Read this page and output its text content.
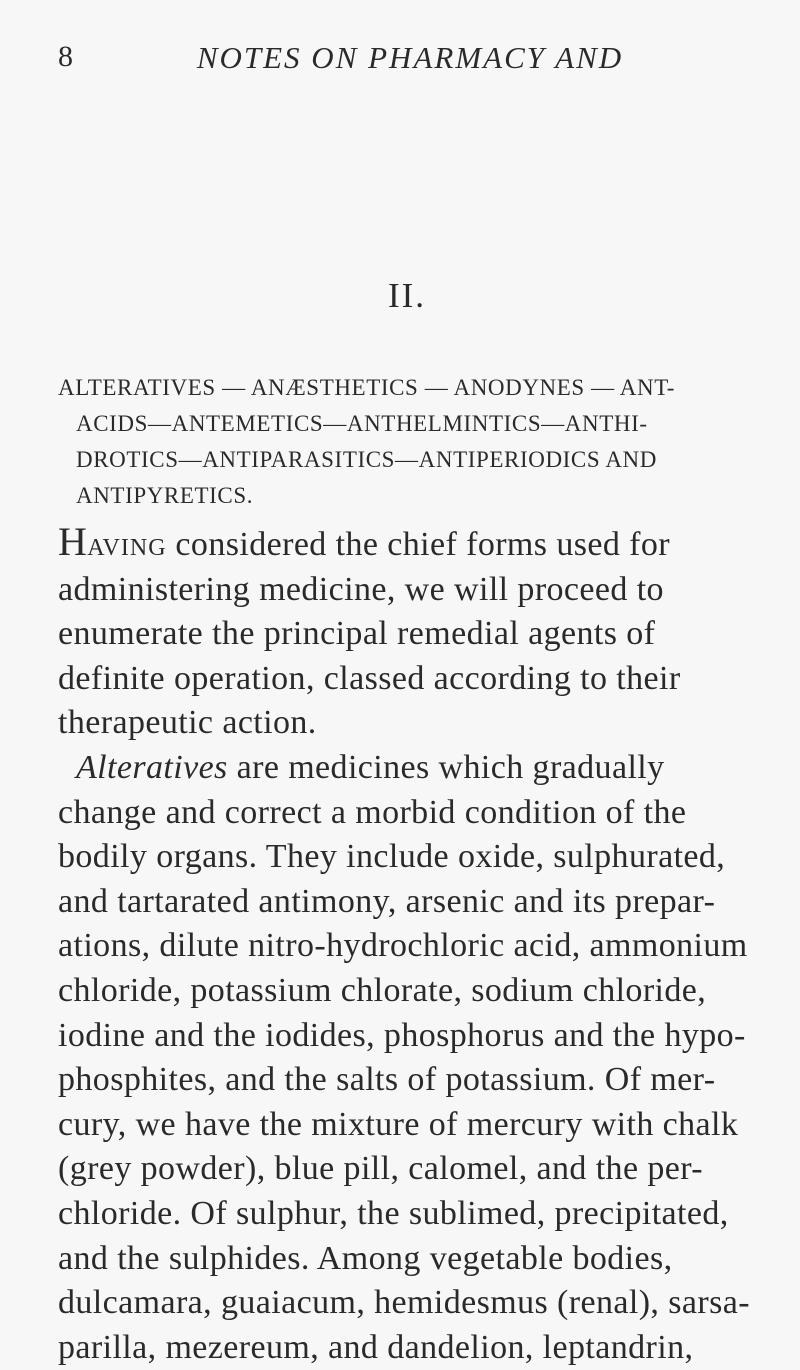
8	NOTES ON PHARMACY AND
II.
ALTERATIVES — ANÆSTHETICS — ANODYNES — ANT-
ACIDS—ANTEMETICS—ANTHELMINTICS—ANTHI-
DROTICS—ANTIPARASITICS—ANTIPERIODICS AND
ANTIPYRETICS.
Having considered the chief forms used for
administering medicine, we will proceed to
enumerate the principal remedial agents of
definite operation, classed according to their
therapeutic action.
Alteratives are medicines which gradually
change and correct a morbid condition of the
bodily organs. They include oxide, sulphurated,
and tartarated antimony, arsenic and its prepar-
ations, dilute nitro-hydrochloric acid, ammonium
chloride, potassium chlorate, sodium chloride,
iodine and the iodides, phosphorus and the hypo-
phosphites, and the salts of potassium. Of mer-
cury, we have the mixture of mercury with chalk
(grey powder), blue pill, calomel, and the per-
chloride. Of sulphur, the sublimed, precipitated,
and the sulphides. Among vegetable bodies,
dulcamara, guaiacum, hemidesmus (renal), sarsa-
parilla, mezereum, and dandelion, leptandrin,
